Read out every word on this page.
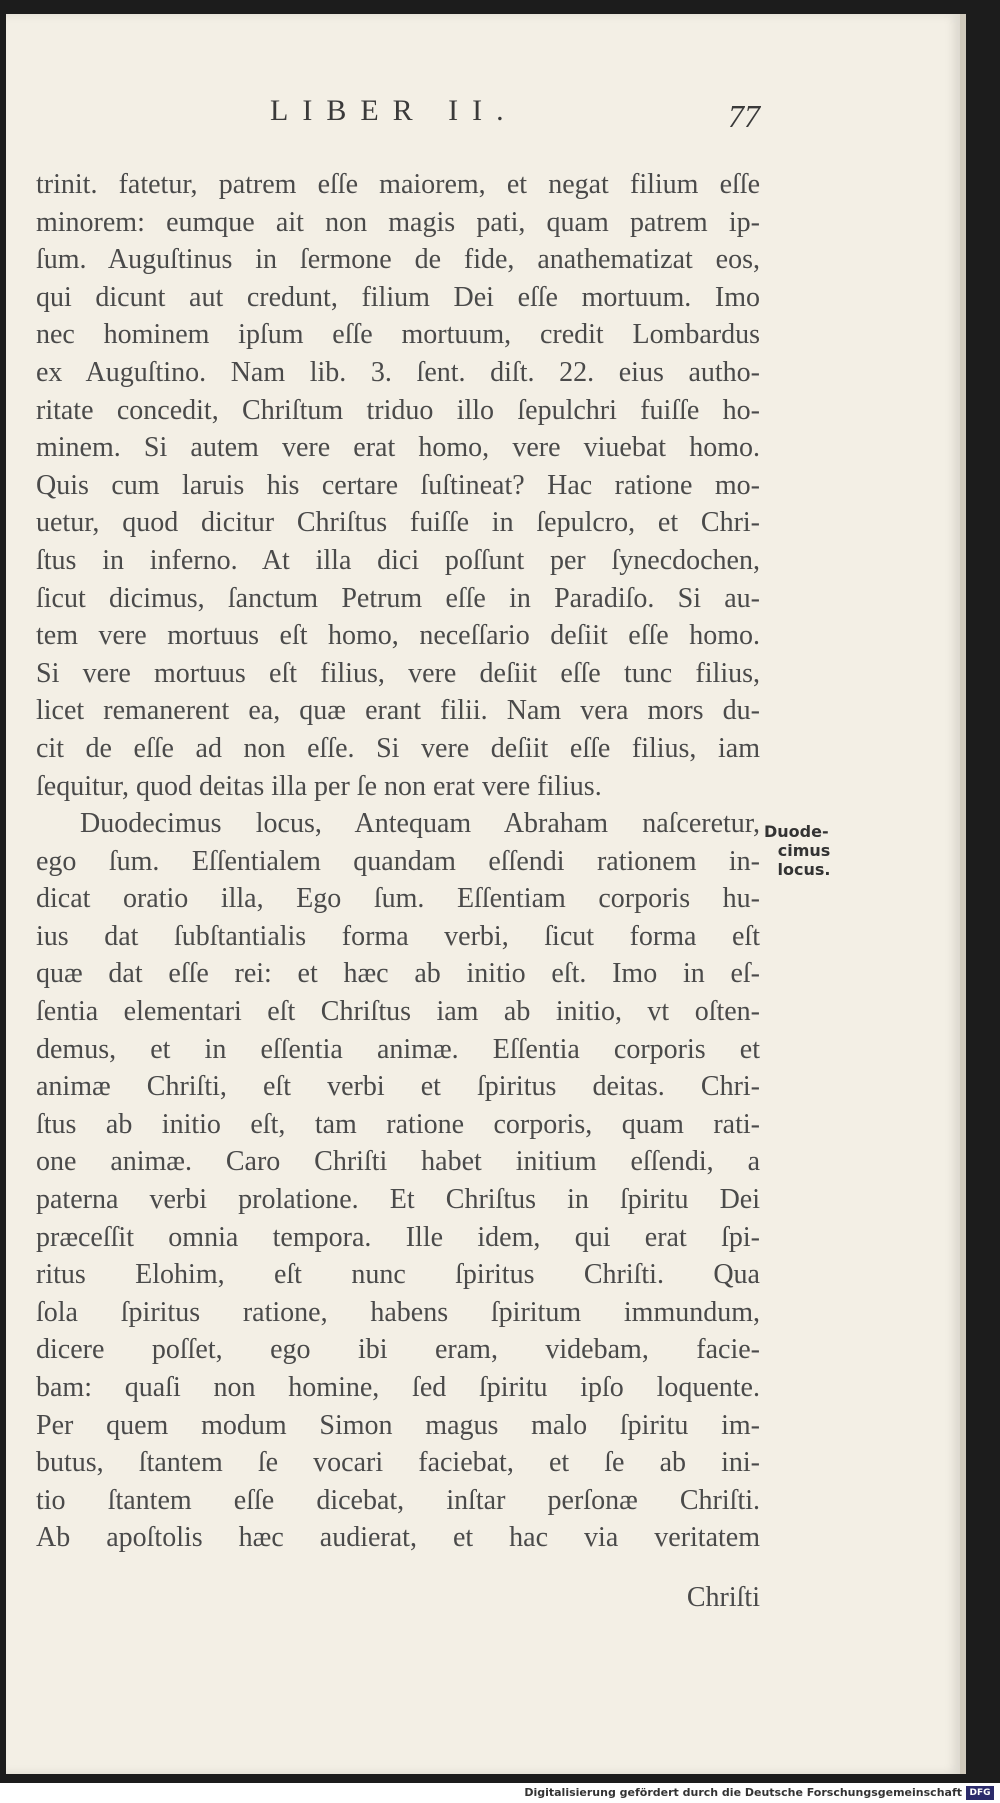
LIBER II.	77
trinit. fatetur, patrem eſſe maiorem, et negat filium eſſe
minorem: eumque ait non magis pati, quam patrem ip-
ſum. Auguſtinus in ſermone de fide, anathematizat eos,
qui dicunt aut credunt, filium Dei eſſe mortuum. Imo
nec hominem ipſum eſſe mortuum, credit Lombardus
ex Auguſtino. Nam lib. 3. ſent. diſt. 22. eius autho-
ritate concedit, Chriſtum triduo illo ſepulchri fuiſſe ho-
minem. Si autem vere erat homo, vere viuebat homo.
Quis cum laruis his certare ſuſtineat? Hac ratione mo-
uetur, quod dicitur Chriſtus fuiſſe in ſepulcro, et Chri-
ſtus in inferno. At illa dici poſſunt per ſynecdochen,
ſicut dicimus, ſanctum Petrum eſſe in Paradiſo. Si au-
tem vere mortuus eſt homo, neceſſario deſiit eſſe homo.
Si vere mortuus eſt filius, vere deſiit eſſe tunc filius,
licet remanerent ea, quæ erant filii. Nam vera mors du-
cit de eſſe ad non eſſe. Si vere deſiit eſſe filius, iam
ſequitur, quod deitas illa per ſe non erat vere filius.
Duodecimus locus, Antequam Abraham naſceretur,
ego ſum. Eſſentialem quandam eſſendi rationem in-
dicat oratio illa, Ego ſum. Eſſentiam corporis hu-
ius dat ſubſtantialis forma verbi, ſicut forma eſt
quæ dat eſſe rei: et hæc ab initio eſt. Imo in eſ-
ſentia elementari eſt Chriſtus iam ab initio, vt oſten-
demus, et in eſſentia animæ. Eſſentia corporis et
animæ Chriſti, eſt verbi et ſpiritus deitas. Chri-
ſtus ab initio eſt, tam ratione corporis, quam rati-
one animæ. Caro Chriſti habet initium eſſendi, a
paterna verbi prolatione. Et Chriſtus in ſpiritu Dei
præceſſit omnia tempora. Ille idem, qui erat ſpi-
ritus Elohim, eſt nunc ſpiritus Chriſti. Qua
ſola ſpiritus ratione, habens ſpiritum immundum,
dicere poſſet, ego ibi eram, videbam, facie-
bam: quaſi non homine, ſed ſpiritu ipſo loquente.
Per quem modum Simon magus malo ſpiritu im-
butus, ſtantem ſe vocari faciebat, et ſe ab ini-
tio ſtantem eſſe dicebat, inſtar perſonæ Chriſti.
Ab apoſtolis hæc audierat, et hac via veritatem
Duode-
cimus
locus.
Chriſti
Digitalisierung gefördert durch die Deutsche Forschungsgemeinschaft DFG
